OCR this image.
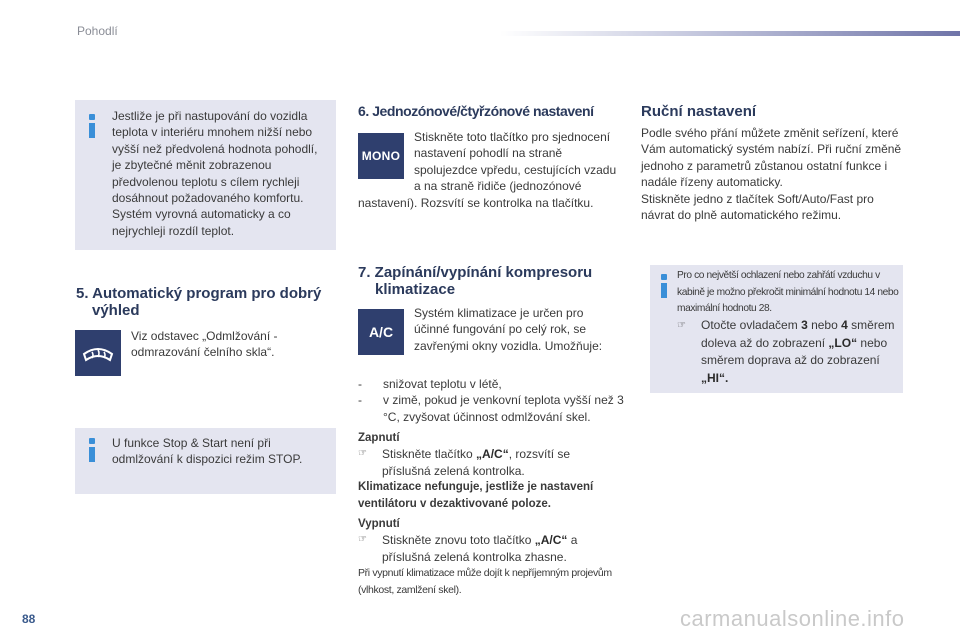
Pohodlí
Jestliže je při nastupování do vozidla teplota v interiéru mnohem nižší nebo vyšší než předvolená hodnota pohodlí, je zbytečné měnit zobrazenou předvolenou teplotu s cílem rychleji dosáhnout požadovaného komfortu. Systém vyrovná automaticky a co nejrychleji rozdíl teplot.
5. Automatický program pro dobrý výhled
Viz odstavec „Odmlžování - odmrazování čelního skla“.
U funkce Stop & Start není při odmlžování k dispozici režim STOP.
6. Jednozónové/čtyřzónové nastavení
MONO
Stiskněte toto tlačítko pro sjednocení nastavení pohodlí na straně spolujezdce vpředu, cestujících vzadu a na straně řidiče (jednozónové nastavení). Rozsvítí se kontrolka na tlačítku.
7. Zapínání/vypínání kompresoru klimatizace
A/C
Systém klimatizace je určen pro účinné fungování po celý rok, se zavřenými okny vozidla. Umožňuje:
-	snižovat teplotu v létě,
-	v zimě, pokud je venkovní teplota vyšší než 3 °C, zvyšovat účinnost odmlžování skel.
Zapnutí
☞	Stiskněte tlačítko „A/C“, rozsvítí se příslušná zelená kontrolka.
Klimatizace nefunguje, jestliže je nastavení ventilátoru v dezaktivované poloze.
Vypnutí
☞	Stiskněte znovu toto tlačítko „A/C“ a příslušná zelená kontrolka zhasne.
Při vypnutí klimatizace může dojít k nepříjemným projevům (vlhkost, zamlžení skel).
Ruční nastavení
Podle svého přání můžete změnit seřízení, které Vám automatický systém nabízí. Při ruční změně jednoho z parametrů zůstanou ostatní funkce i nadále řízeny automaticky.
Stiskněte jedno z tlačítek Soft/Auto/Fast pro návrat do plně automatického režimu.
Pro co největší ochlazení nebo zahřátí vzduchu v kabině je možno překročit minimální hodnotu 14 nebo maximální hodnotu 28.
☞	Otočte ovladačem 3 nebo 4 směrem doleva až do zobrazení „LO“ nebo směrem doprava až do zobrazení „HI“.
88	carmanualsonline.info
